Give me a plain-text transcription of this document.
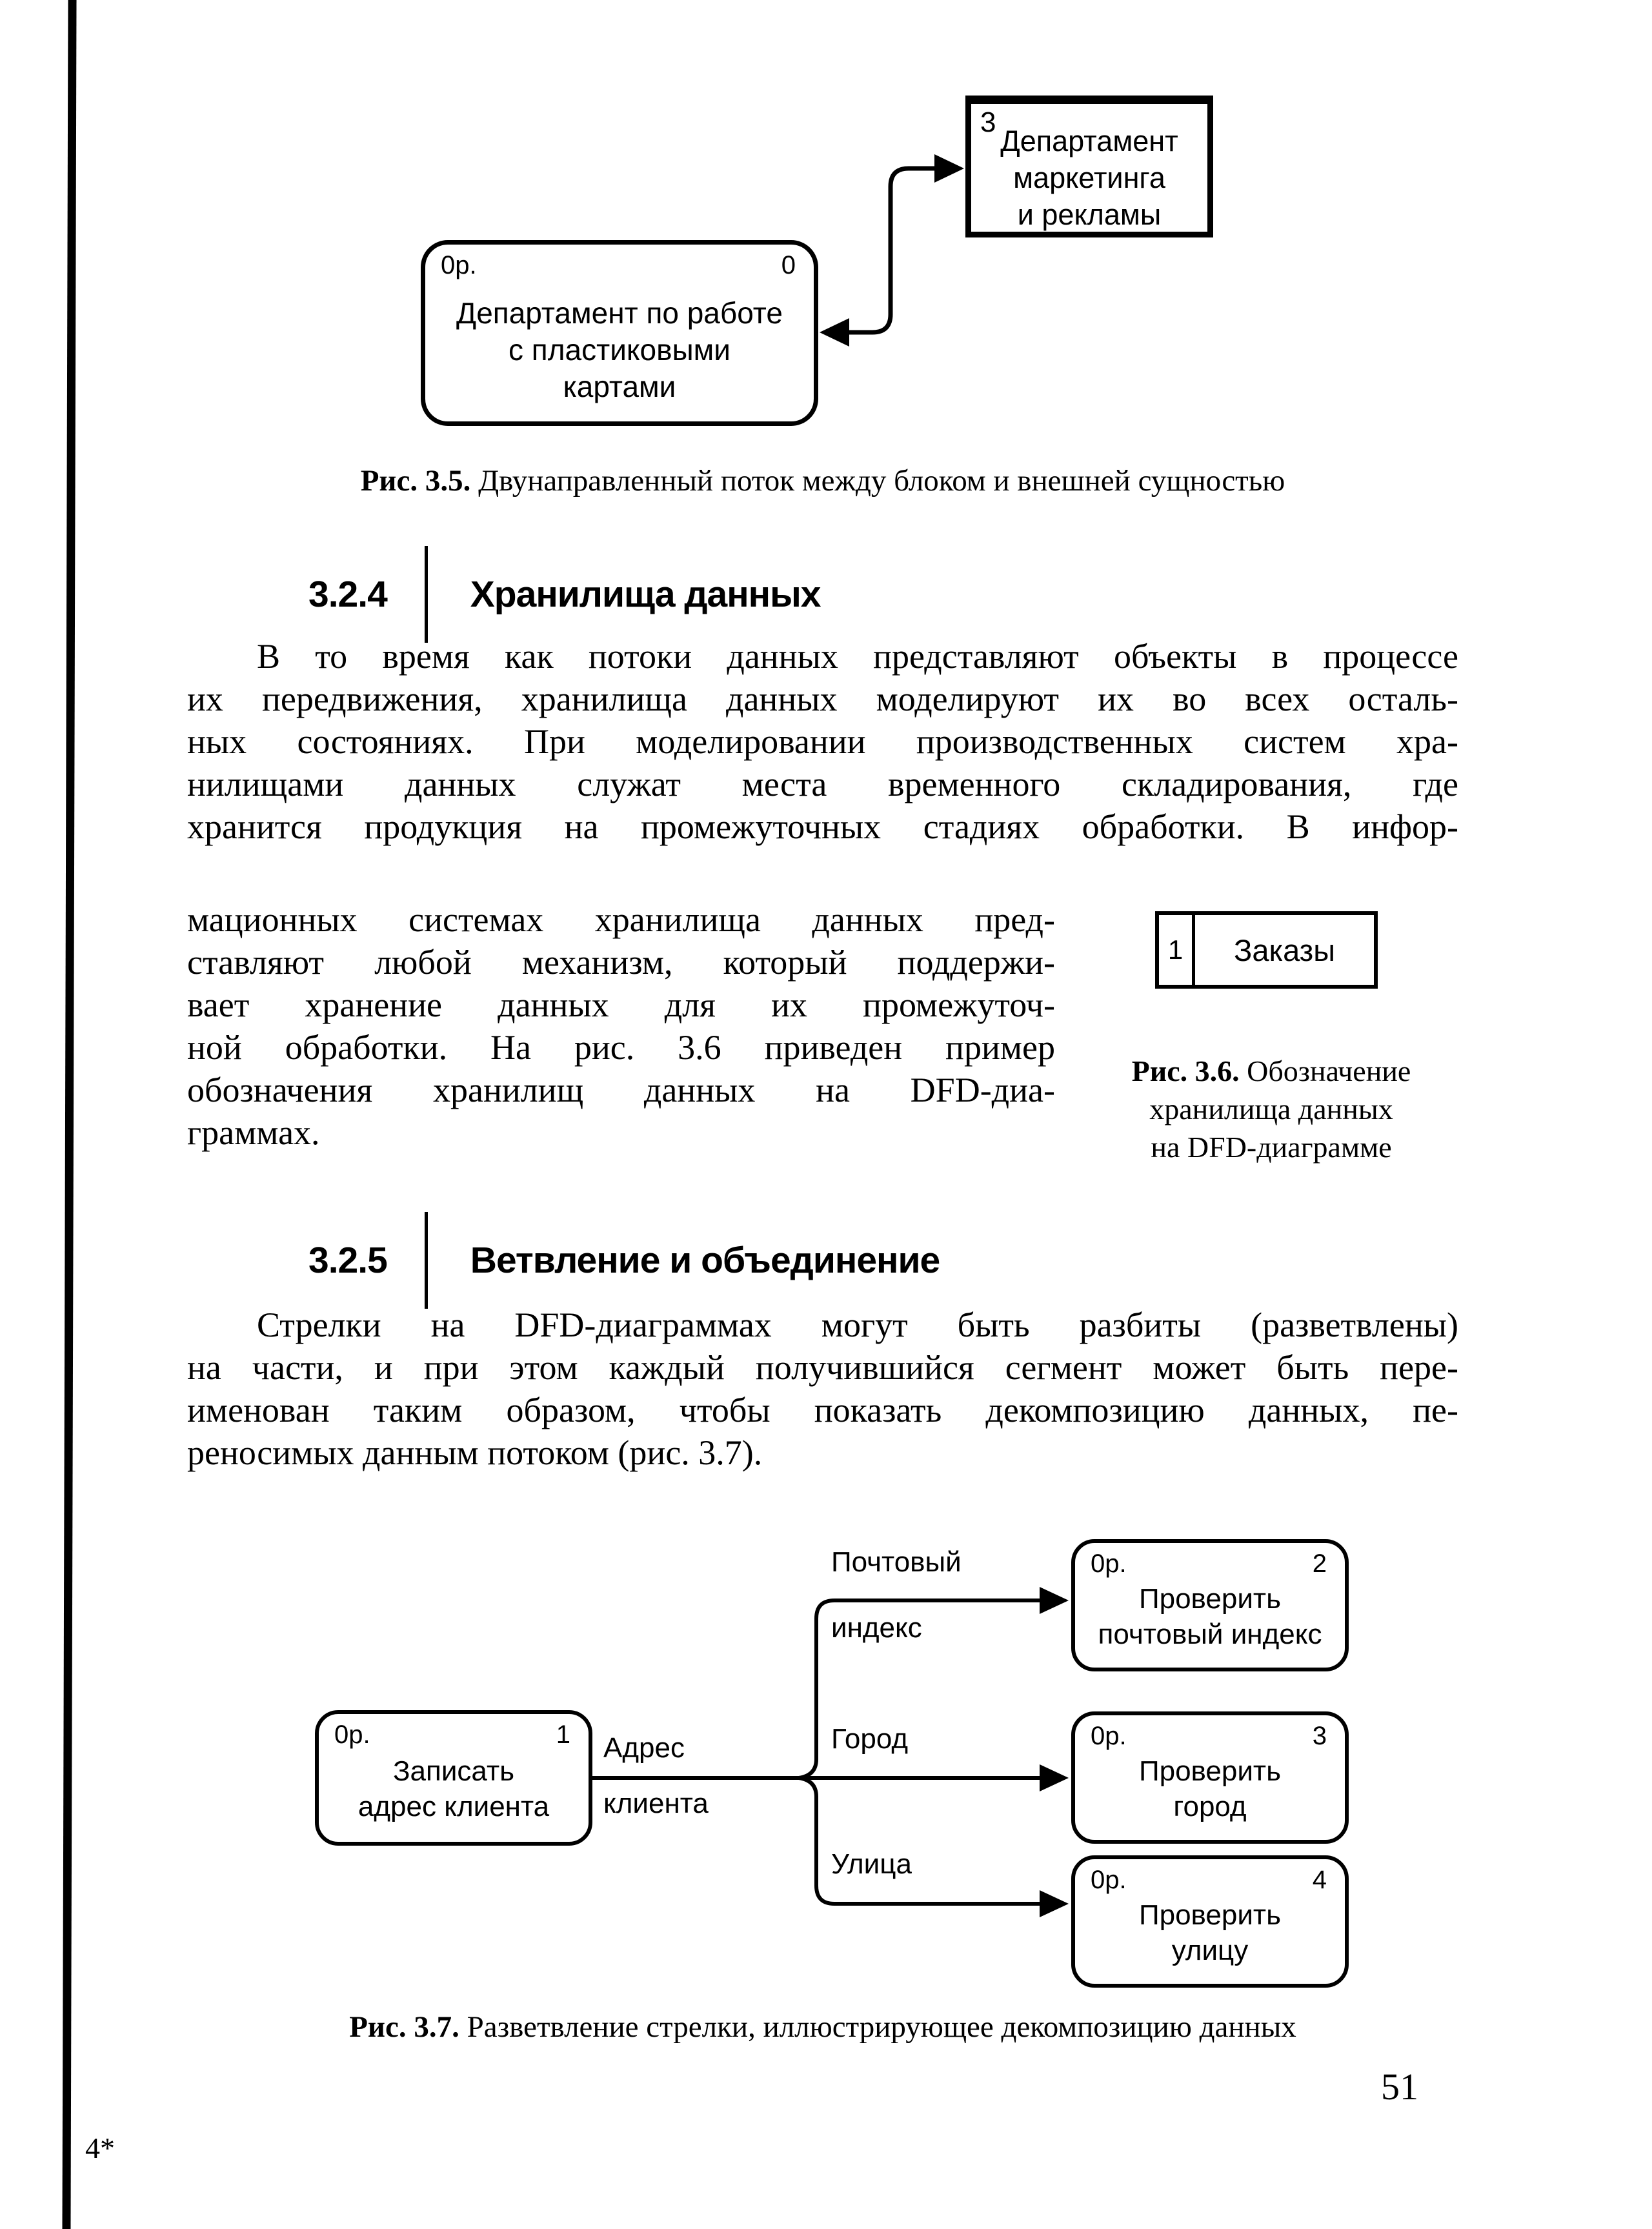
3
Департамент
маркетинга
и рекламы
0p.	0
Департамент по работе
с пластиковыми
картами
Рис. 3.5. Двунаправленный поток между блоком и внешней сущностью
3.2.4 Хранилища данных
В то время как потоки данных представляют объекты в процессе
их передвижения, хранилища данных моделируют их во всех осталь-
ных состояниях. При моделировании производственных систем хра-
нилищами данных служат места временного складирования, где
хранится продукция на промежуточных стадиях обработки. В инфор-
мационных системах хранилища данных пред-
ставляют любой механизм, который поддержи-
вает хранение данных для их промежуточ-
ной обработки. На рис. 3.6 приведен пример
обозначения хранилищ данных на DFD-диа-
граммах.
1	Заказы
Рис. 3.6. Обозначение
хранилища данных
на DFD-диаграмме
3.2.5 Ветвление и объединение
Стрелки на DFD-диаграммах могут быть разбиты (разветвлены)
на части, и при этом каждый получившийся сегмент может быть пере-
именован таким образом, чтобы показать декомпозицию данных, пе-
реносимых данным потоком (рис. 3.7).
0p.	1
Записать
адрес клиента
Адрес
клиента
Почтовый
индекс
Город
Улица
0p.	2
Проверить
почтовый индекс
0p.	3
Проверить
город
0p.	4
Проверить
улицу
Рис. 3.7. Разветвление стрелки, иллюстрирующее декомпозицию данных
51
4*
